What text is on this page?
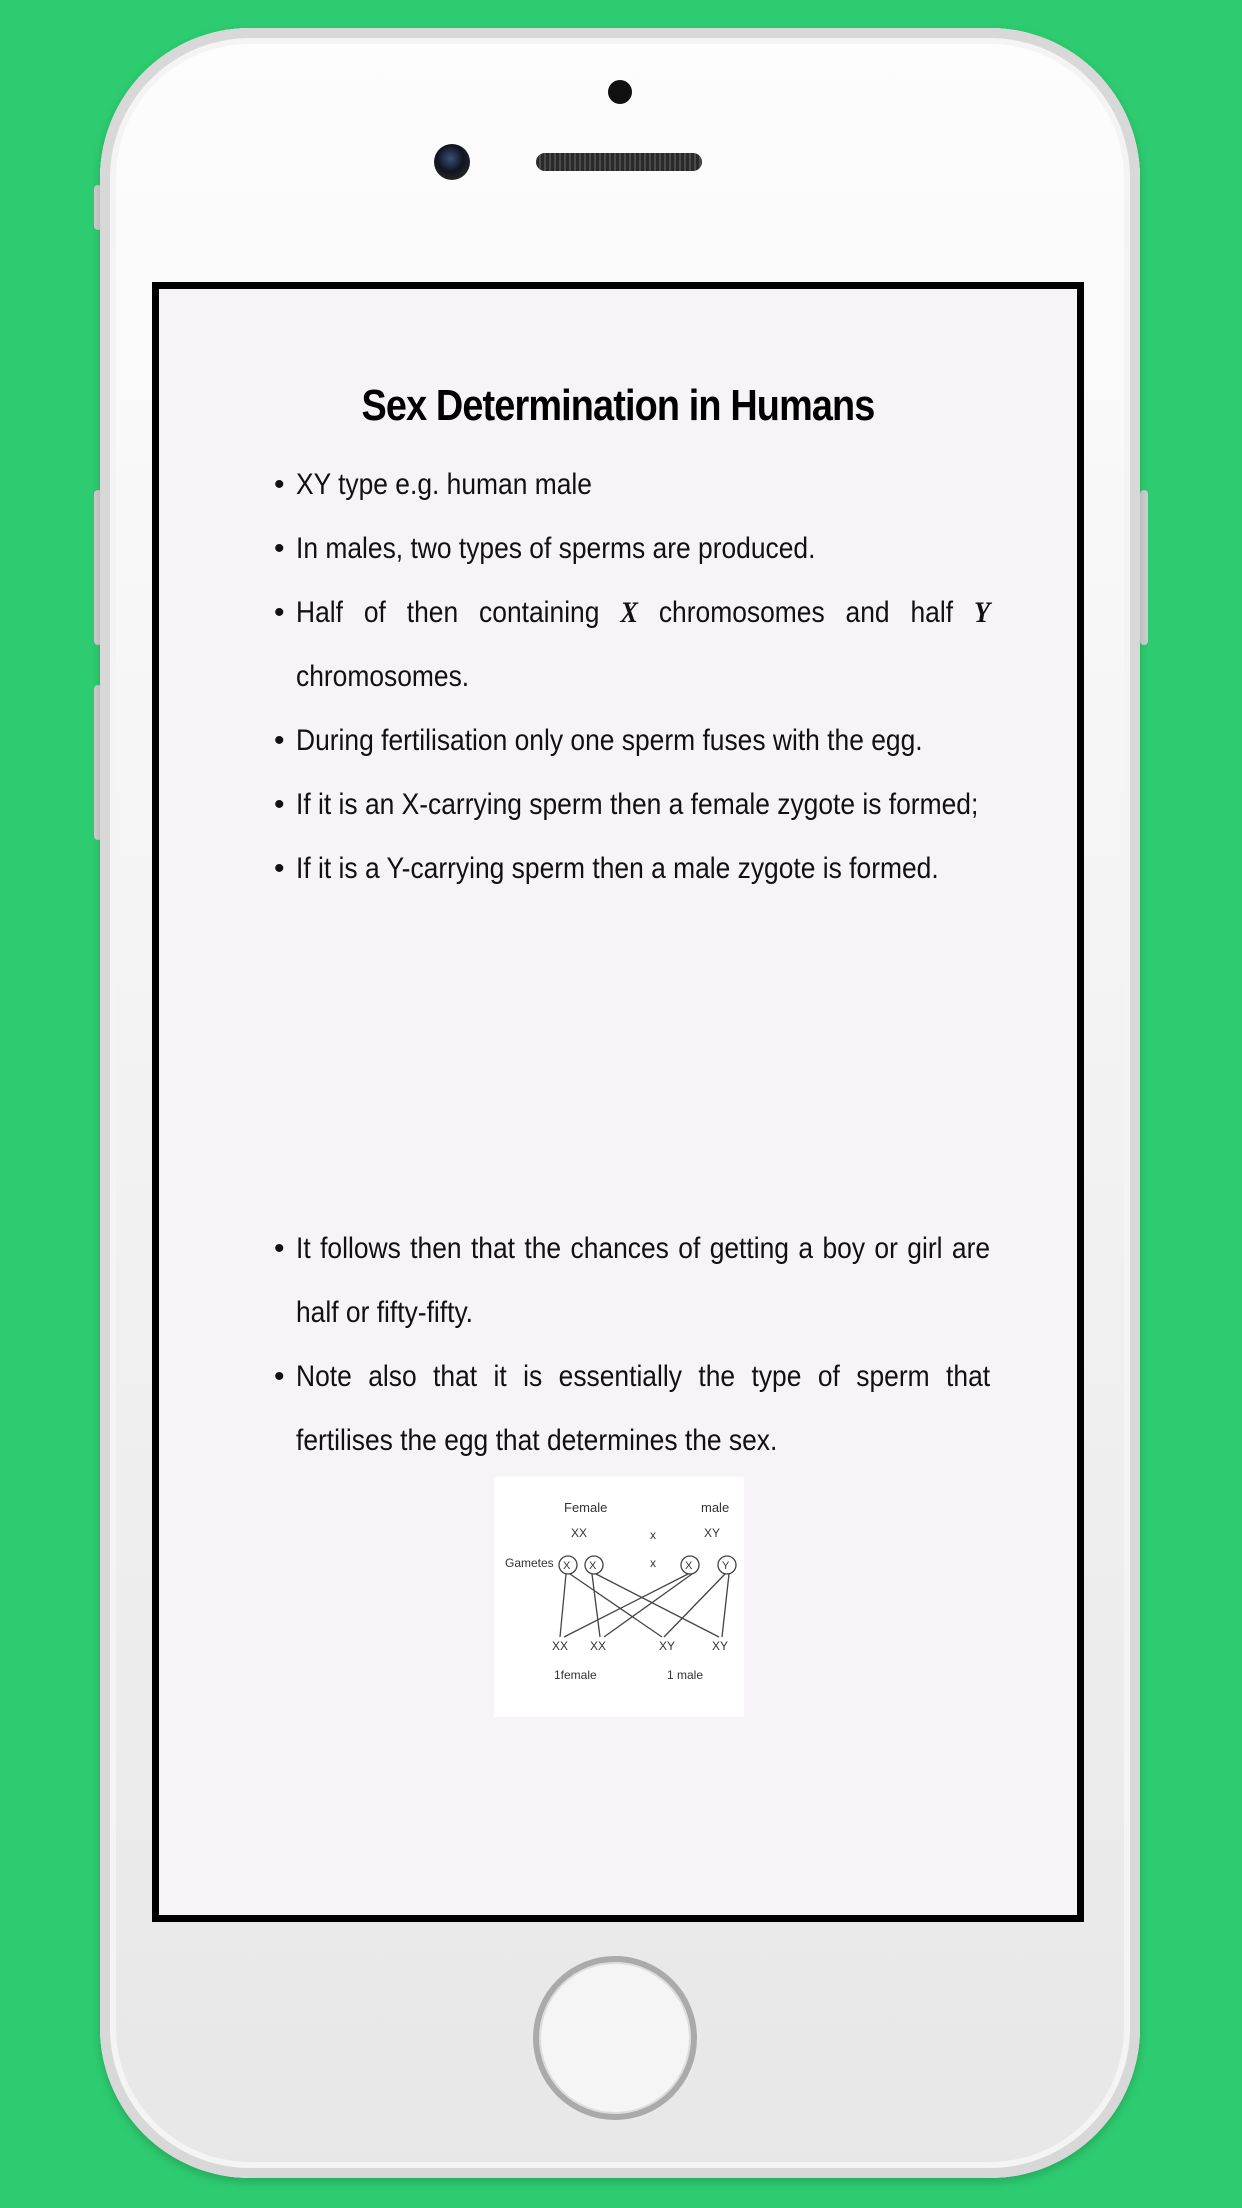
Sex Determination in Humans
• XY type e.g. human male
• In males, two types of sperms are produced.
• Half of then containing X chromosomes and half Y chromosomes.
• During fertilisation only one sperm fuses with the egg.
• If it is an X-carrying sperm then a female zygote is formed;
• If it is a Y-carrying sperm then a male zygote is formed.
• It follows then that the chances of getting a boy or girl are half or fifty-fifty.
• Note also that it is essentially the type of sperm that fertilises the egg that determines the sex.
Female	male
XX	x	XY
Gametes	x
X X	X	Y
XX XX	XY	XY
1female	1 male
